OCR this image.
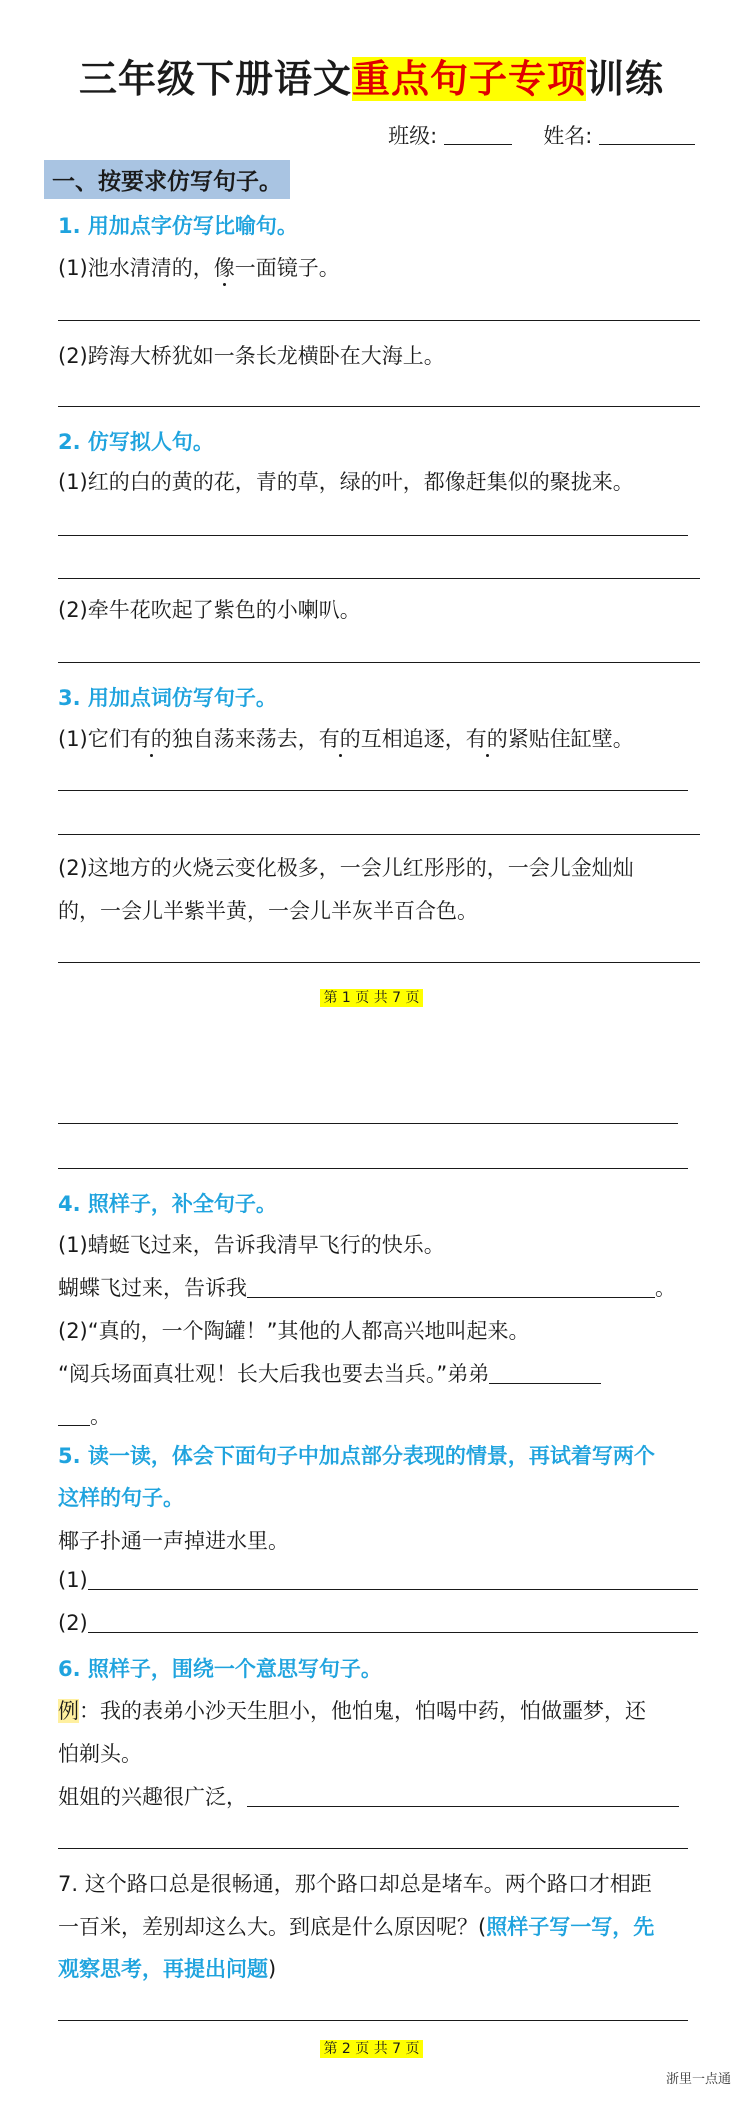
三年级下册语文重点句子专项训练
班级:	姓名:
一、按要求仿写句子。
1. 用加点字仿写比喻句。
(1)池水清清的，像一面镜子。
(2)跨海大桥犹如一条长龙横卧在大海上。
2. 仿写拟人句。
(1)红的白的黄的花，青的草，绿的叶，都像赶集似的聚拢来。
(2)牵牛花吹起了紫色的小喇叭。
3. 用加点词仿写句子。
(1)它们有的独自荡来荡去，有的互相追逐，有的紧贴住缸壁。
(2)这地方的火烧云变化极多，一会儿红彤彤的，一会儿金灿灿
的，一会儿半紫半黄，一会儿半灰半百合色。
第 1 页 共 7 页
4. 照样子，补全句子。
(1)蜻蜓飞过来，告诉我清早飞行的快乐。
蝴蝶飞过来，告诉我	。
(2)“真的，一个陶罐！”其他的人都高兴地叫起来。
“阅兵场面真壮观！长大后我也要去当兵。”弟弟
。
5. 读一读，体会下面句子中加点部分表现的情景，再试着写两个
这样的句子。
椰子扑通一声掉进水里。
(1)
(2)
6. 照样子，围绕一个意思写句子。
例：我的表弟小沙天生胆小，他怕鬼，怕喝中药，怕做噩梦，还
怕剃头。
姐姐的兴趣很广泛，
7. 这个路口总是很畅通，那个路口却总是堵车。两个路口才相距
一百米，差别却这么大。到底是什么原因呢？(照样子写一写，先
观察思考，再提出问题)
第 2 页 共 7 页
浙里一点通
